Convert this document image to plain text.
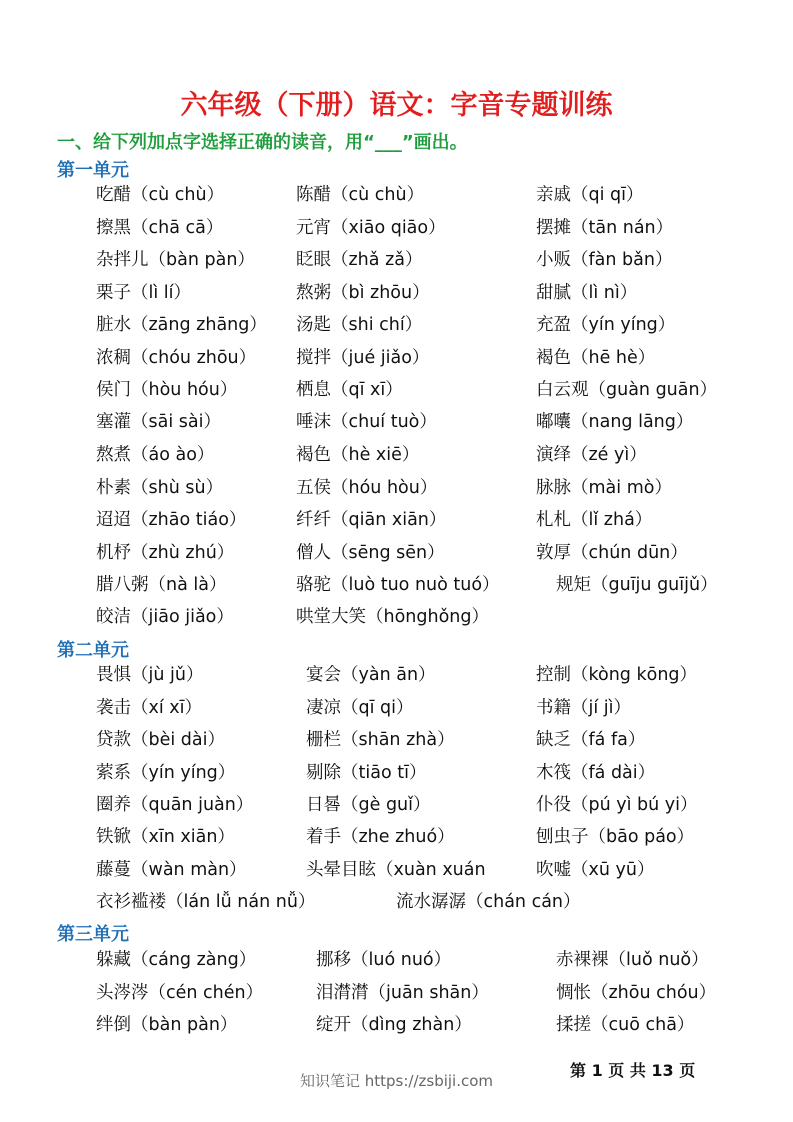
六年级（下册）语文：字音专题训练
一、给下列加点字选择正确的读音，用“___”画出。
第一单元
吃醋（cù chù）	陈醋（cù chù）	亲戚（qi qī）
擦黑（chā cā）	元宵（xiāo qiāo）	摆摊（tān nán）
杂拌儿（bàn pàn） 眨眼（zhǎ zǎ）	小贩（fàn bǎn）
栗子（lì lí）	熬粥（bì zhōu）	甜腻（lì nì）
脏水（zāng zhāng） 汤匙（shi chí）	充盈（yín yíng）
浓稠（chóu zhōu） 搅拌（jué jiǎo）	褐色（hē hè）
侯门（hòu hóu）	栖息（qī xī）	白云观（guàn guān）
塞灌（sāi sài）	唾沫（chuí tuò）	嘟囔（nang lāng）
熬煮（áo ào）	褐色（hè xiē）	演绎（zé yì）
朴素（shù sù）	五侯（hóu hòu）	脉脉（mài mò）
迢迢（zhāo tiáo）	纤纤（qiān xiān）	札札（lǐ zhá）
机杼（zhù zhú）	僧人（sēng sēn）	敦厚（chún dūn）
腊八粥（nà là）	骆驼（luò tuo nuò tuó）	规矩（guīju guījǔ）
皎洁（jiāo jiǎo）	哄堂大笑（hōnghǒng）
第二单元
畏惧（jù jǔ）	宴会（yàn ān）	控制（kòng kōng）
袭击（xí xī）	凄凉（qī qi）	书籍（jí jì）
贷款（bèi dài）	栅栏（shān zhà）	缺乏（fá fa）
萦系（yín yíng）	剔除（tiāo tī）	木筏（fá dài）
圈养（quān juàn）	日晷（gè guǐ）	仆役（pú yì bú yi）
铁锨（xīn xiān）	着手（zhe zhuó）	刨虫子（bāo páo）
藤蔓（wàn màn）	头晕目眩（xuàn xuán	吹嘘（xū yū）
衣衫褴褛（lán lǚ nán nǚ）	流水潺潺（chán cán）
第三单元
躲藏（cáng zàng）	挪移（luó nuó）	赤裸裸（luǒ nuǒ）
头涔涔（cén chén）	泪潸潸（juān shān）	惆怅（zhōu chóu）
绊倒（bàn pàn）	绽开（dìng zhàn）	揉搓（cuō chā）
知识笔记 https://zsbiji.com
第 1 页 共 13 页
